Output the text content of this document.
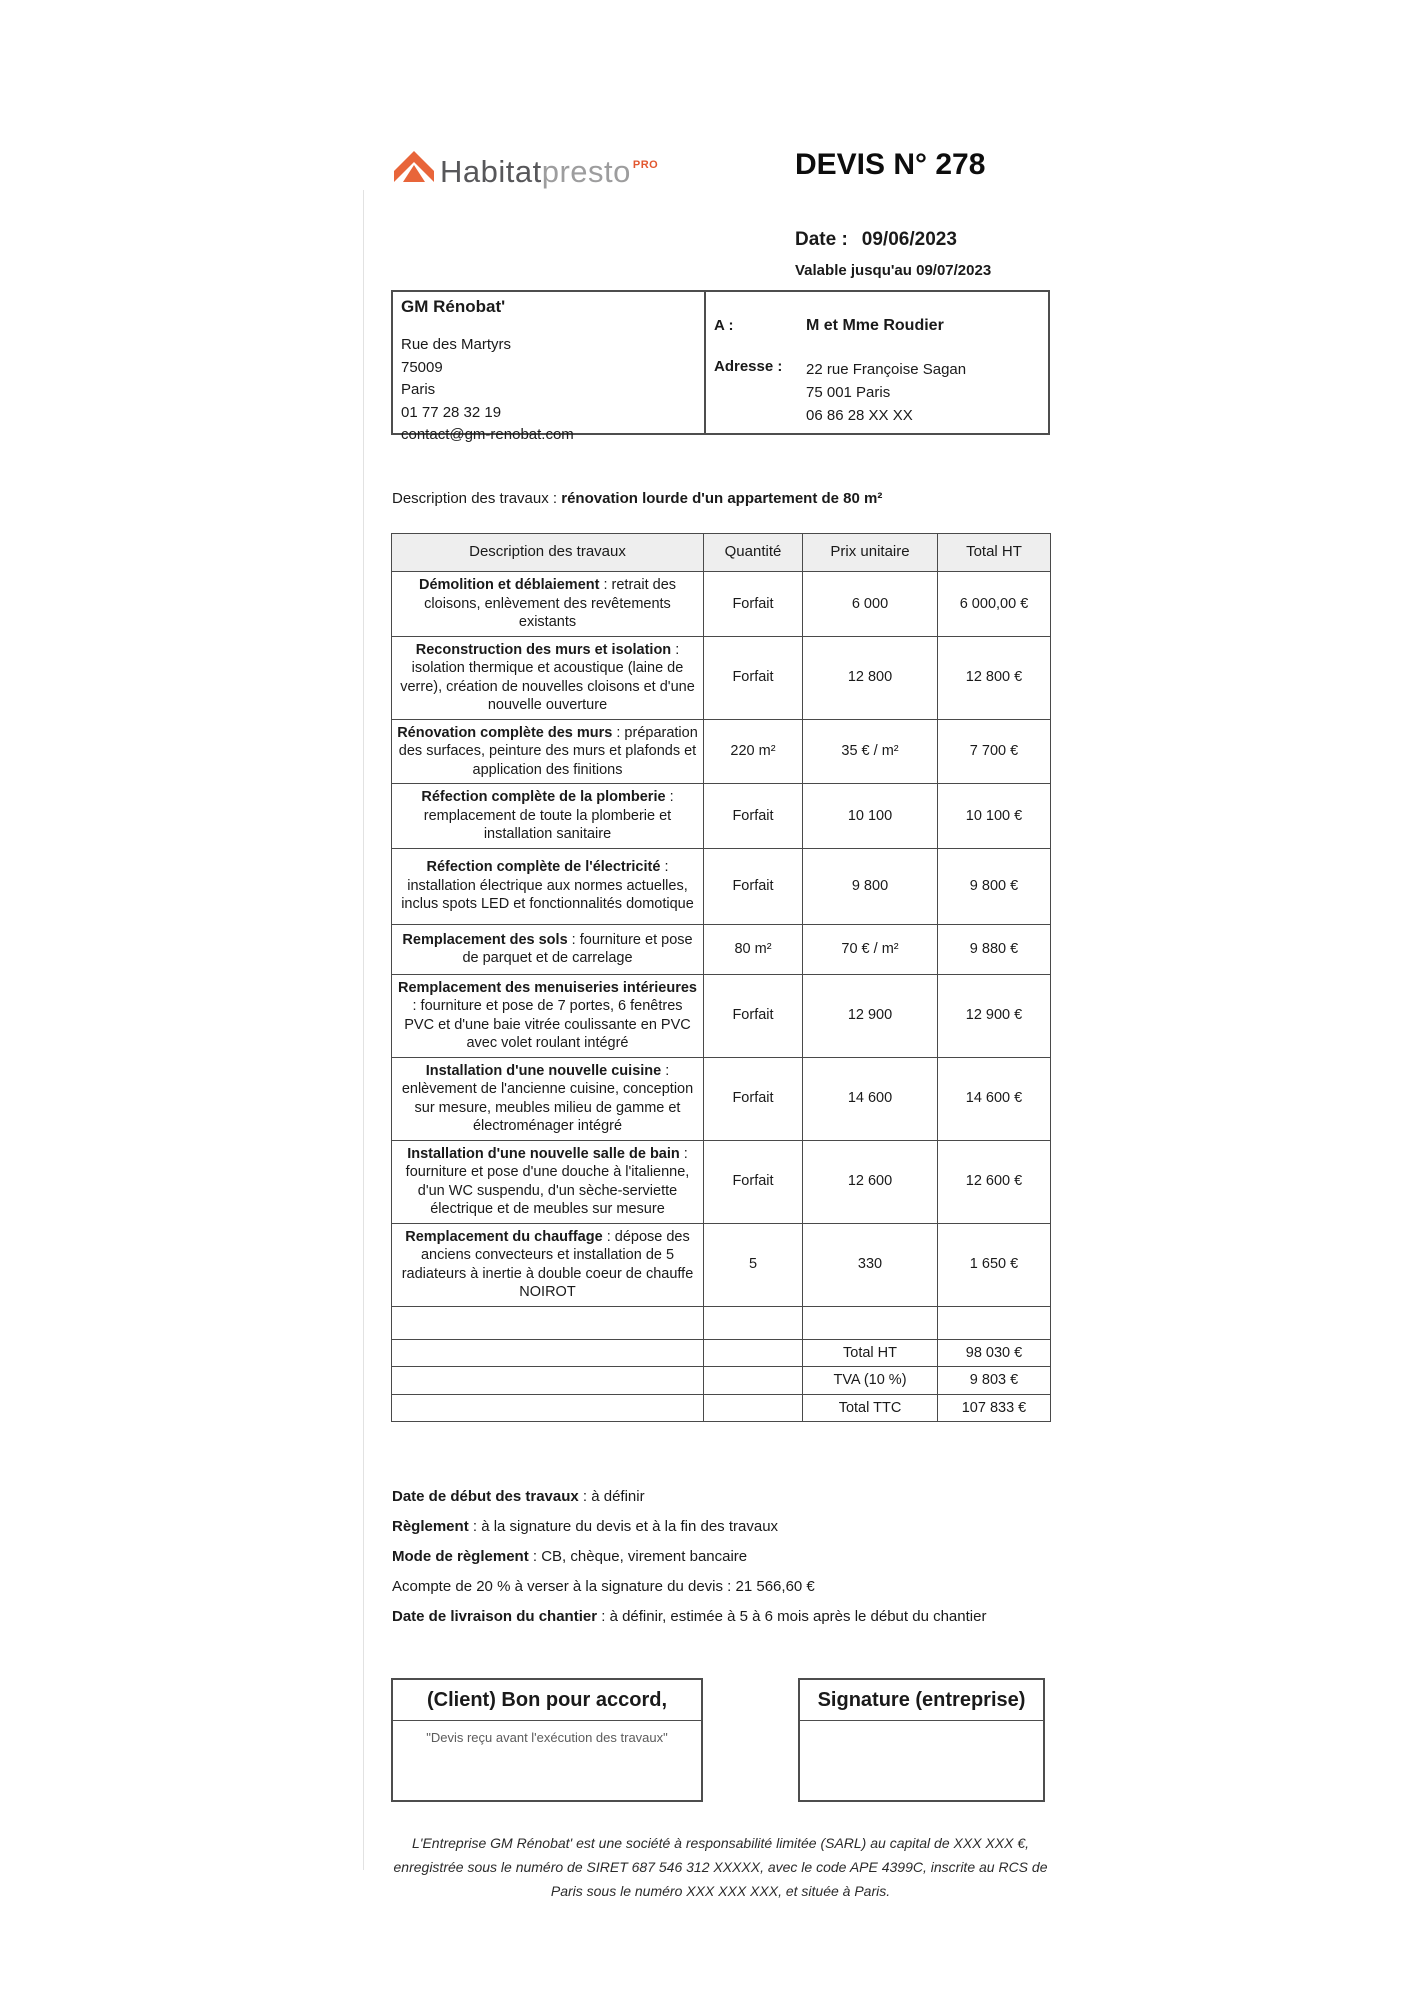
Habitatpresto $^{PRO}$	DEVIS N° 278
Date : 09/06/2023
Valable jusqu'au 09/07/2023
GM Rénobat'
Rue des Martyrs
75009
Paris
01 77 28 32 19
contact@gm-renobat.com
A :	M et Mme Roudier
Adresse :	22 rue Françoise Sagan
75 001 Paris
06 86 28 XX XX
Description des travaux : rénovation lourde d'un appartement de 80 m²
Description des travaux	Quantité	Prix unitaire	Total HT
Démolition et déblaiement : retrait des cloisons, enlèvement des revêtements existants	Forfait	6 000	6 000,00 €
Reconstruction des murs et isolation : isolation thermique et acoustique (laine de verre), création de nouvelles cloisons et d'une nouvelle ouverture	Forfait	12 800	12 800 €
Rénovation complète des murs : préparation des surfaces, peinture des murs et plafonds et application des finitions	220 m²	35 € / m²	7 700 €
Réfection complète de la plomberie : remplacement de toute la plomberie et installation sanitaire	Forfait	10 100	10 100 €
Réfection complète de l'électricité : installation électrique aux normes actuelles, inclus spots LED et fonctionnalités domotique	Forfait	9 800	9 800 €
Remplacement des sols : fourniture et pose de parquet et de carrelage	80 m²	70 € / m²	9 880 €
Remplacement des menuiseries intérieures : fourniture et pose de 7 portes, 6 fenêtres PVC et d'une baie vitrée coulissante en PVC avec volet roulant intégré	Forfait	12 900	12 900 €
Installation d'une nouvelle cuisine : enlèvement de l'ancienne cuisine, conception sur mesure, meubles milieu de gamme et électroménager intégré	Forfait	14 600	14 600 €
Installation d'une nouvelle salle de bain : fourniture et pose d'une douche à l'italienne, d'un WC suspendu, d'un sèche-serviette électrique et de meubles sur mesure	Forfait	12 600	12 600 €
Remplacement du chauffage : dépose des anciens convecteurs et installation de 5 radiateurs à inertie à double coeur de chauffe NOIROT	5	330	1 650 €

		Total HT	98 030 €
		TVA (10 %)	9 803 €
		Total TTC	107 833 €
Date de début des travaux : à définir
Règlement : à la signature du devis et à la fin des travaux
Mode de règlement : CB, chèque, virement bancaire
Acompte de 20 % à verser à la signature du devis : 21 566,60 €
Date de livraison du chantier : à définir, estimée à 5 à 6 mois après le début du chantier
(Client) Bon pour accord,
"Devis reçu avant l'exécution des travaux"
Signature (entreprise)
L'Entreprise GM Rénobat' est une société à responsabilité limitée (SARL) au capital de XXX XXX €, enregistrée sous le numéro de SIRET 687 546 312 XXXXX, avec le code APE 4399C, inscrite au RCS de Paris sous le numéro XXX XXX XXX, et située à Paris.
